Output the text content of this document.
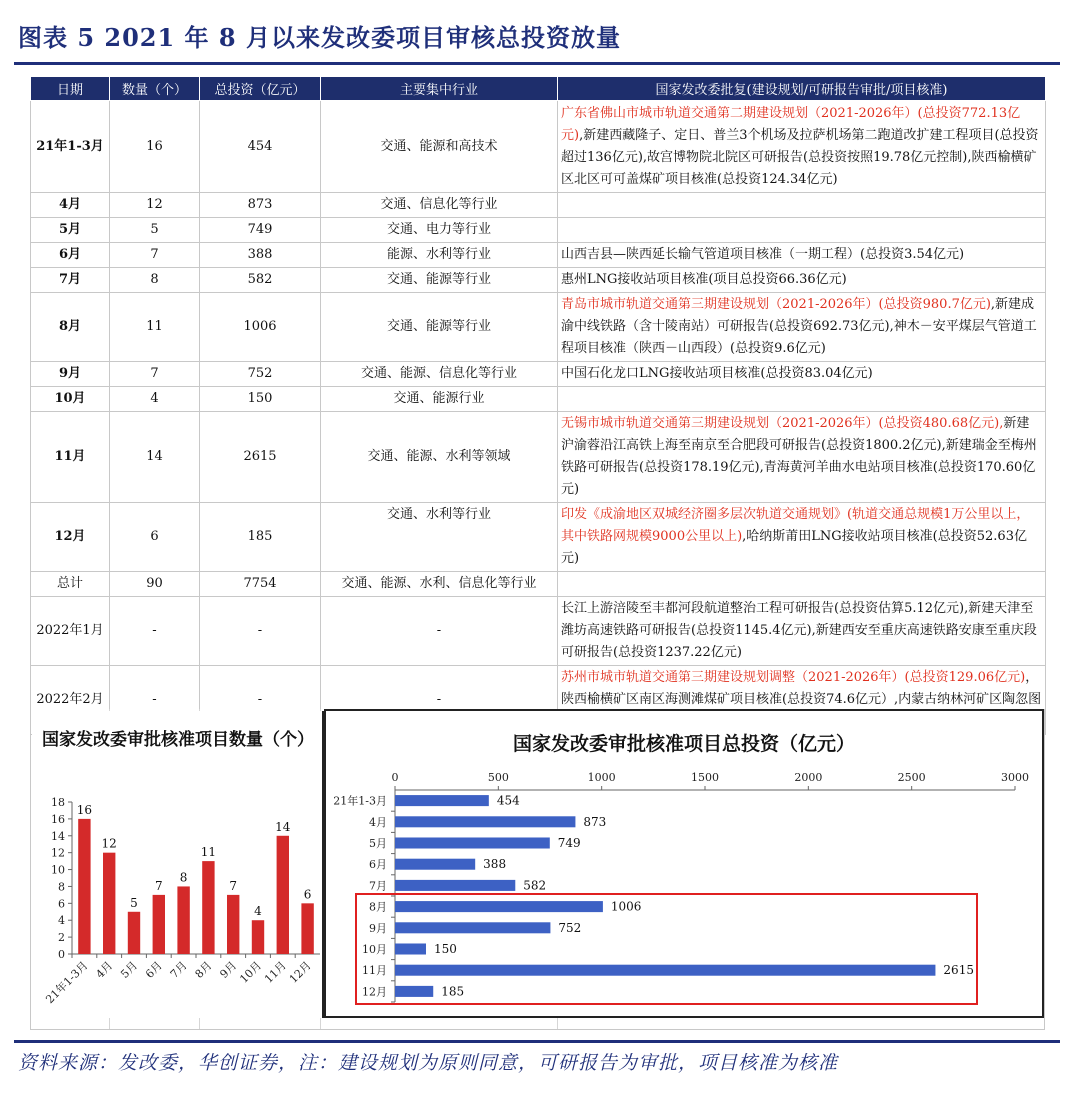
图表 5 2021 年 8 月以来发改委项目审核总投资放量
日期	数量（个）	总投资（亿元）	主要集中行业	国家发改委批复(建设规划/可研报告审批/项目核准)
21年1-3月	16	454	交通、能源和高技术	广东省佛山市城市轨道交通第二期建设规划（2021-2026年）(总投资772.13亿元),新建西藏隆子、定日、普兰3个机场及拉萨机场第二跑道改扩建工程项目(总投资超过136亿元),故宫博物院北院区可研报告(总投资按照19.78亿元控制),陕西榆横矿区北区可可盖煤矿项目核准(总投资124.34亿元)
4月	12	873	交通、信息化等行业	
5月	5	749	交通、电力等行业	
6月	7	388	能源、水利等行业	山西吉县—陕西延长输气管道项目核准（一期工程）(总投资3.54亿元)
7月	8	582	交通、能源等行业	惠州LNG接收站项目核准(项目总投资66.36亿元)
8月	11	1006	交通、能源等行业	青岛市城市轨道交通第三期建设规划（2021-2026年）(总投资980.7亿元),新建成渝中线铁路（含十陵南站）可研报告(总投资692.73亿元),神木－安平煤层气管道工程项目核准（陕西－山西段）(总投资9.6亿元)
9月	7	752	交通、能源、信息化等行业	中国石化龙口LNG接收站项目核准(总投资83.04亿元)
10月	4	150	交通、能源行业	
11月	14	2615	交通、能源、水利等领域	无锡市城市轨道交通第三期建设规划（2021-2026年）(总投资480.68亿元),新建沪渝蓉沿江高铁上海至南京至合肥段可研报告(总投资1800.2亿元),新建瑞金至梅州铁路可研报告(总投资178.19亿元),青海黄河羊曲水电站项目核准(总投资170.60亿元)
12月	6	185	交通、水利等行业	印发《成渝地区双城经济圈多层次轨道交通规划》(轨道交通总规模1万公里以上，其中铁路网规模9000公里以上),哈纳斯莆田LNG接收站项目核准(总投资52.63亿元)
总计	90	7754	交通、能源、水利、信息化等行业	
2022年1月	-	-	-	长江上游涪陵至丰都河段航道整治工程可研报告(总投资估算5.12亿元),新建天津至潍坊高速铁路可研报告(总投资1145.4亿元),新建西安至重庆高速铁路安康至重庆段可研报告(总投资1237.22亿元)
2022年2月	-	-	-	苏州市城市轨道交通第三期建设规划调整（2021-2026年）(总投资129.06亿元)，陕西榆横矿区南区海测滩煤矿项目核准(总投资74.6亿元）,内蒙古纳林河矿区陶忽图
国家发改委审批核准项目数量（个）
0
2
4
6
8
10
12
14
16
18
16
21年1-3月
12
4月
5
5月
7
6月
8
7月
11
8月
7
9月
4
10月
14
11月
6
12月
国家发改委审批核准项目总投资（亿元）
0	500	1000	1500	2000	2500	3000
454
21年1-3月
873
4月
749
5月
388
6月
582
7月
1006
8月
752
9月
150
10月
2615
11月
185
12月
资料来源：发改委，华创证券，注：建设规划为原则同意，可研报告为审批，项目核准为核准
